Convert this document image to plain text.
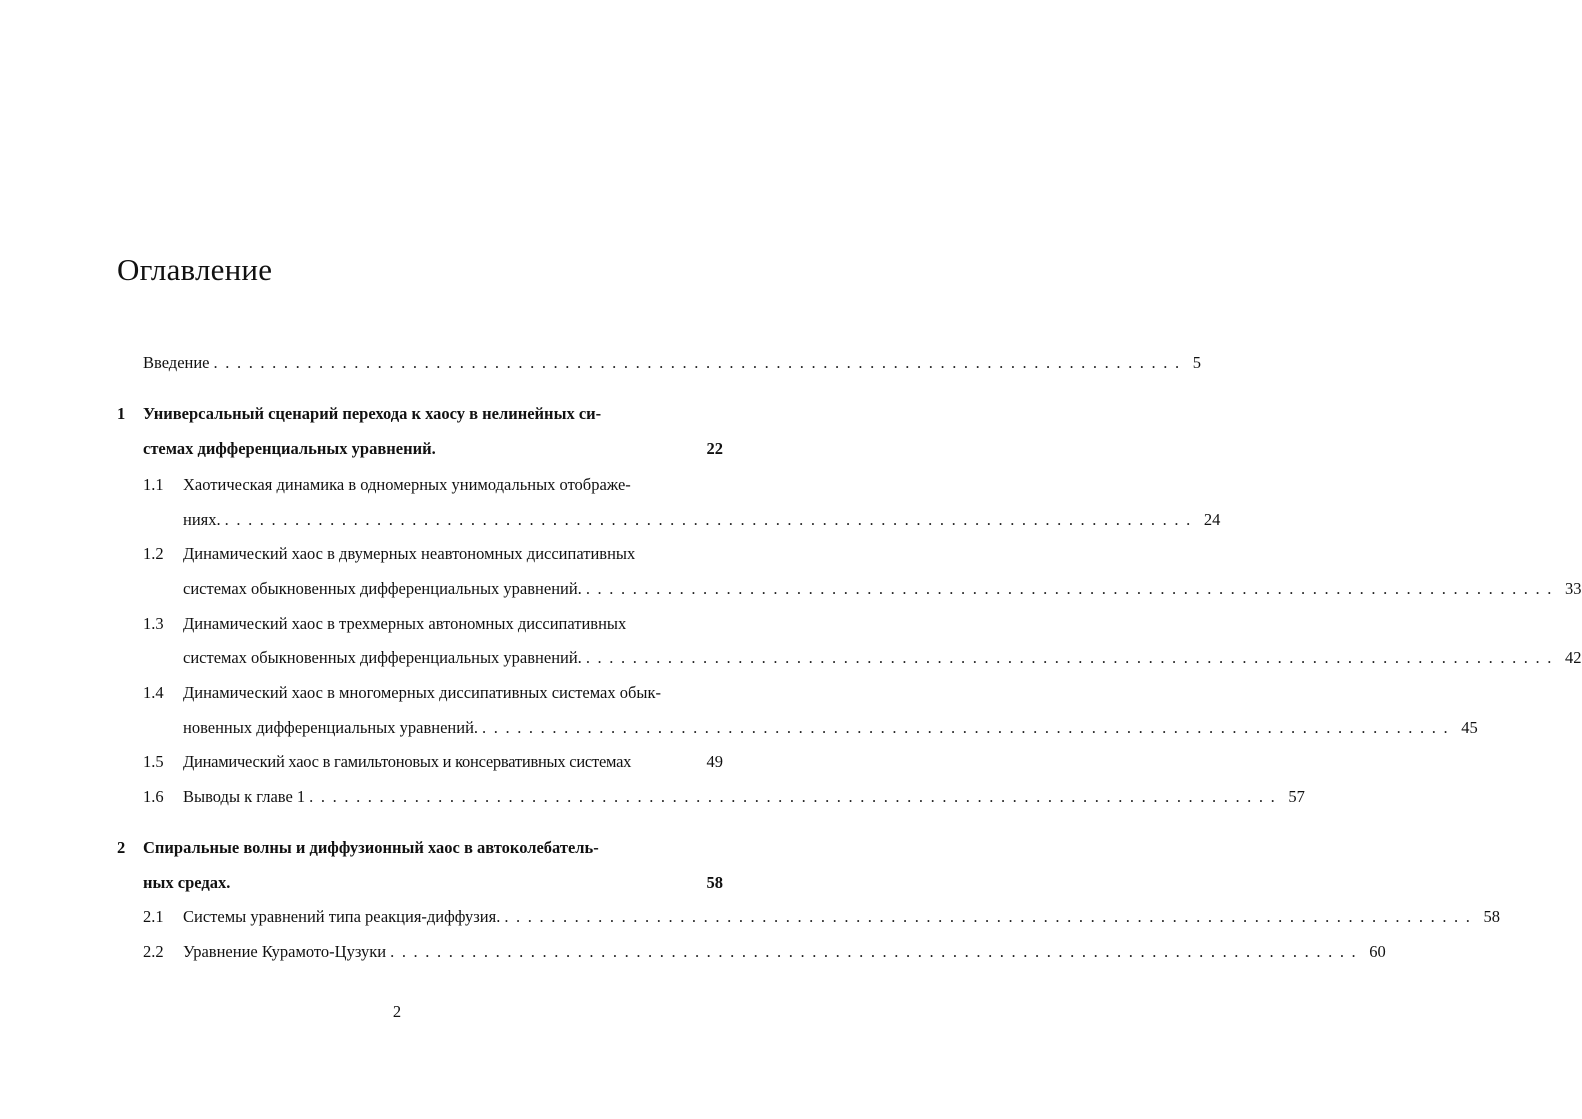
Оглавление
Введение ................................................................................... 5
1 Универсальный сценарий перехода к хаосу в нелинейных си-
стемах дифференциальных уравнений.	22
1.1 Хаотическая динамика в одномерных унимодальных отображе-
ниях. ................................................................................... 24
1.2 Динамический хаос в двумерных неавтономных диссипативных
системах обыкновенных дифференциальных уравнений. ................................................................................... 33
1.3 Динамический хаос в трехмерных автономных диссипативных
системах обыкновенных дифференциальных уравнений. ................................................................................... 42
1.4 Динамический хаос в многомерных диссипативных системах обык-
новенных дифференциальных уравнений. ................................................................................... 45
1.5 Динамический хаос в гамильтоновых и консервативных системах	49
1.6 Выводы к главе 1 ................................................................................... 57
2 Спиральные волны и диффузионный хаос в автоколебатель-
ных средах.	58
2.1 Системы уравнений типа реакция-диффузия. ................................................................................... 58
2.2 Уравнение Курамото-Цузуки ................................................................................... 60
2
